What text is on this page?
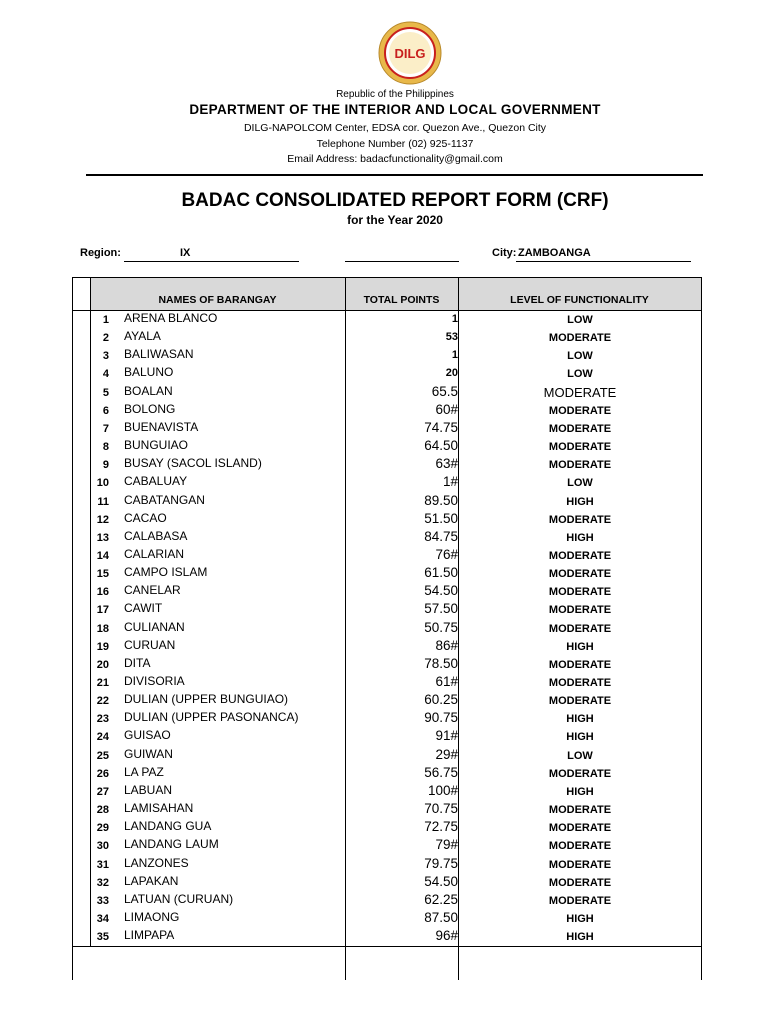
DILG
Republic of the Philippines
DEPARTMENT OF THE INTERIOR AND LOCAL GOVERNMENT
DILG-NAPOLCOM Center, EDSA cor. Quezon Ave., Quezon City
Telephone Number (02) 925-1137
Email Address: badacfunctionality@gmail.com
BADAC CONSOLIDATED REPORT FORM (CRF)
for the Year 2020
Region:	IX	City: ZAMBOANGA
NAMES OF BARANGAY	TOTAL POINTS	LEVEL OF FUNCTIONALITY
1 ARENA BLANCO	1	LOW
2 AYALA	53	MODERATE
3 BALIWASAN	1	LOW
4 BALUNO	20	LOW
5 BOALAN	65.5	MODERATE
6 BOLONG	60#	MODERATE
7 BUENAVISTA	74.75	MODERATE
8 BUNGUIAO	64.50	MODERATE
9 BUSAY (SACOL ISLAND)	63#	MODERATE
10 CABALUAY	1#	LOW
11 CABATANGAN	89.50	HIGH
12 CACAO	51.50	MODERATE
13 CALABASA	84.75	HIGH
14 CALARIAN	76#	MODERATE
15 CAMPO ISLAM	61.50	MODERATE
16 CANELAR	54.50	MODERATE
17 CAWIT	57.50	MODERATE
18 CULIANAN	50.75	MODERATE
19 CURUAN	86#	HIGH
20 DITA	78.50	MODERATE
21 DIVISORIA	61#	MODERATE
22 DULIAN (UPPER BUNGUIAO)	60.25	MODERATE
23 DULIAN (UPPER PASONANCA)	90.75	HIGH
24 GUISAO	91#	HIGH
25 GUIWAN	29#	LOW
26 LA PAZ	56.75	MODERATE
27 LABUAN	100#	HIGH
28 LAMISAHAN	70.75	MODERATE
29 LANDANG GUA	72.75	MODERATE
30 LANDANG LAUM	79#	MODERATE
31 LANZONES	79.75	MODERATE
32 LAPAKAN	54.50	MODERATE
33 LATUAN (CURUAN)	62.25	MODERATE
34 LIMAONG	87.50	HIGH
35 LIMPAPA	96#	HIGH
